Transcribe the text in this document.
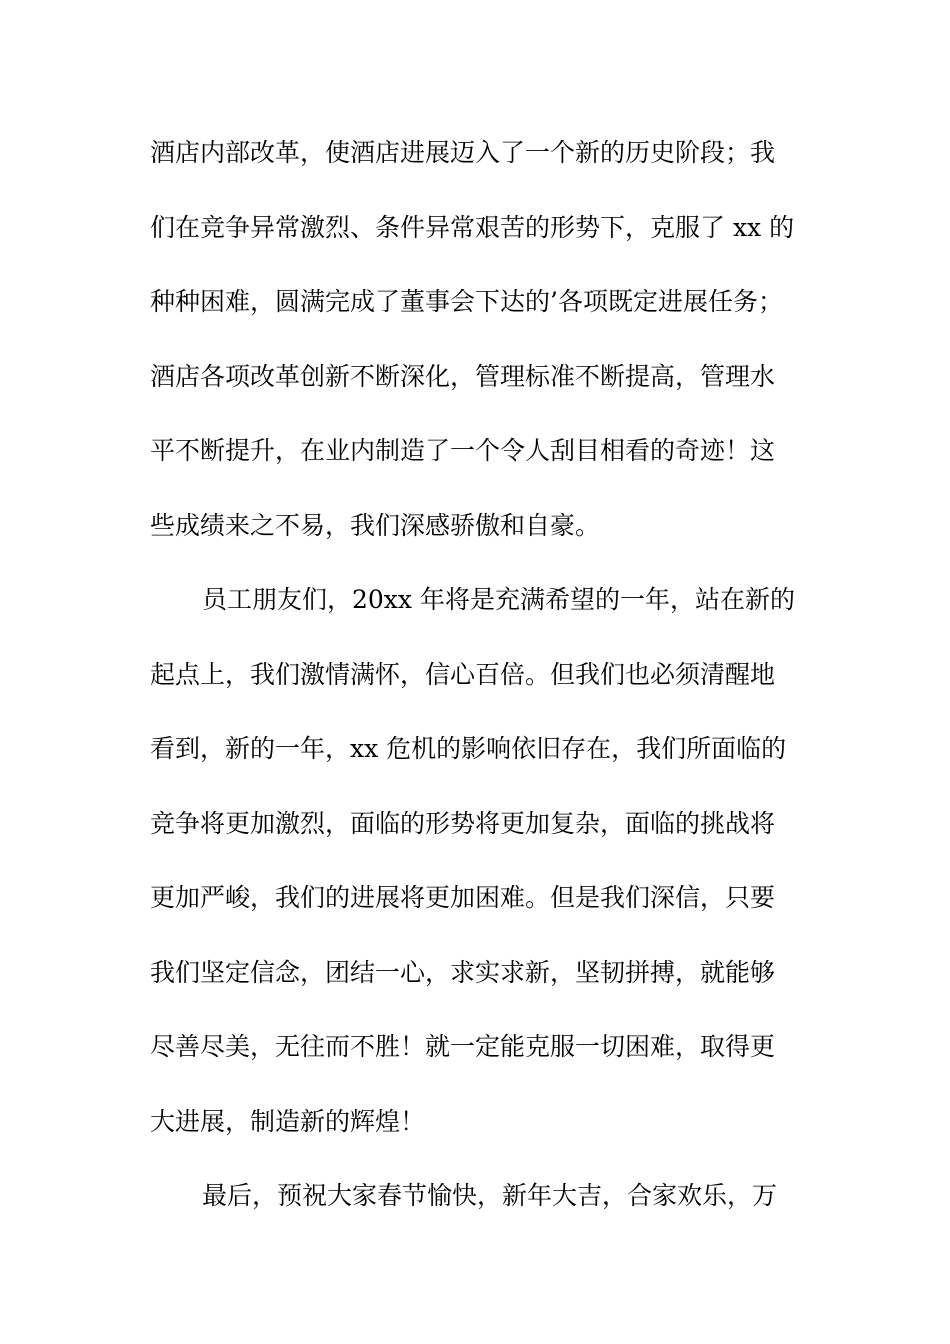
酒店内部改革，使酒店进展迈入了一个新的历史阶段；我
们在竞争异常激烈、条件异常艰苦的形势下，克服了 xx 的
种种困难，圆满完成了董事会下达的’各项既定进展任务；
酒店各项改革创新不断深化，管理标准不断提高，管理水
平不断提升，在业内制造了一个令人刮目相看的奇迹！这
些成绩来之不易，我们深感骄傲和自豪。
员工朋友们，20xx 年将是充满希望的一年，站在新的
起点上，我们激情满怀，信心百倍。但我们也必须清醒地
看到，新的一年，xx 危机的影响依旧存在，我们所面临的
竞争将更加激烈，面临的形势将更加复杂，面临的挑战将
更加严峻，我们的进展将更加困难。但是我们深信，只要
我们坚定信念，团结一心，求实求新，坚韧拼搏，就能够
尽善尽美，无往而不胜！就一定能克服一切困难，取得更
大进展，制造新的辉煌！
最后，预祝大家春节愉快，新年大吉，合家欢乐，万
